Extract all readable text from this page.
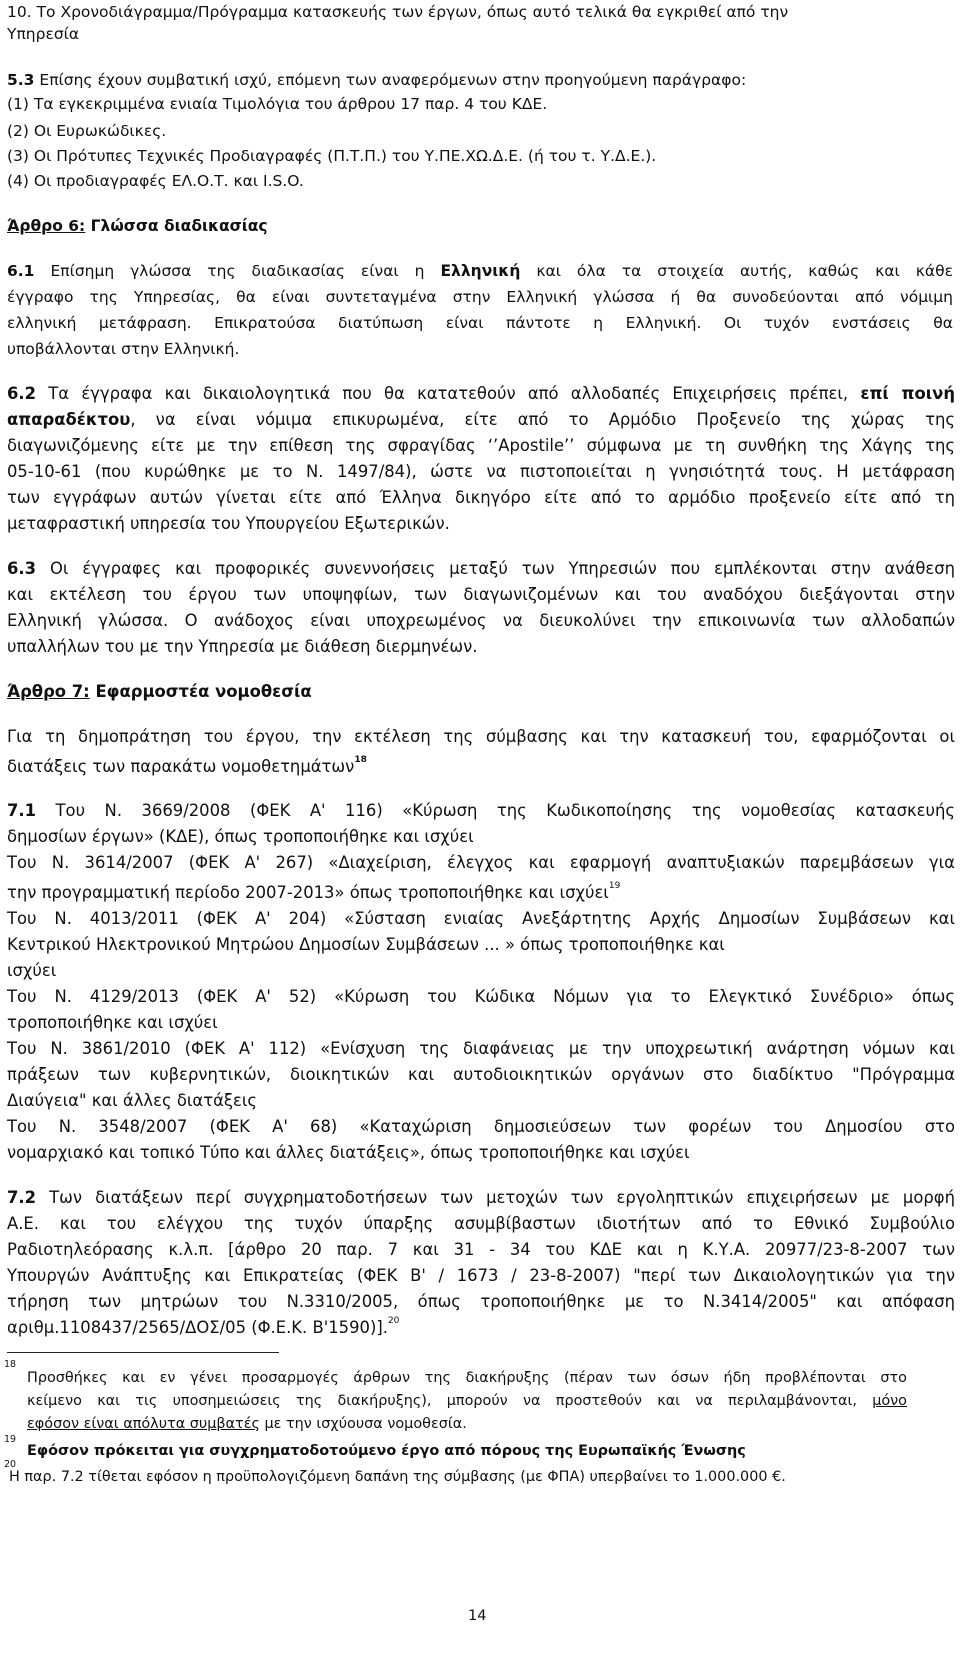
10. Το Χρονοδιάγραμμα/Πρόγραμμα κατασκευής των έργων, όπως αυτό τελικά θα εγκριθεί από την
Υπηρεσία
5.3 Επίσης έχουν συμβατική ισχύ, επόμενη των αναφερόμενων στην προηγούμενη παράγραφο:
(1) Τα εγκεκριμμένα ενιαία Τιμολόγια του άρθρου 17 παρ. 4 του ΚΔΕ.
(2) Οι Ευρωκώδικες.
(3) Οι Πρότυπες Τεχνικές Προδιαγραφές (Π.Τ.Π.) του Υ.ΠΕ.ΧΩ.Δ.Ε. (ή του τ. Υ.Δ.Ε.).
(4) Οι προδιαγραφές ΕΛ.Ο.Τ. και I.S.O.
Άρθρο 6: Γλώσσα διαδικασίας
6.1 Επίσημη γλώσσα της διαδικασίας είναι η Ελληνική και όλα τα στοιχεία αυτής, καθώς και κάθε
έγγραφο της Υπηρεσίας, θα είναι συντεταγμένα στην Ελληνική γλώσσα ή θα συνοδεύονται από νόμιμη
ελληνική μετάφραση. Επικρατούσα διατύπωση είναι πάντοτε η Ελληνική. Οι τυχόν ενστάσεις θα
υποβάλλονται στην Ελληνική.
6.2 Τα έγγραφα και δικαιολογητικά που θα κατατεθούν από αλλοδαπές Επιχειρήσεις πρέπει, επί ποινή
απαραδέκτου, να είναι νόμιμα επικυρωμένα, είτε από το Αρμόδιο Προξενείο της χώρας της
διαγωνιζόμενης είτε με την επίθεση της σφραγίδας ‘’Apostile’’ σύμφωνα με τη συνθήκη της Χάγης της
05-10-61 (που κυρώθηκε με το Ν. 1497/84), ώστε να πιστοποιείται η γνησιότητά τους. Η μετάφραση
των εγγράφων αυτών γίνεται είτε από Έλληνα δικηγόρο είτε από το αρμόδιο προξενείο είτε από τη
μεταφραστική υπηρεσία του Υπουργείου Εξωτερικών.
6.3 Οι έγγραφες και προφορικές συνεννοήσεις μεταξύ των Υπηρεσιών που εμπλέκονται στην ανάθεση
και εκτέλεση του έργου των υποψηφίων, των διαγωνιζομένων και του αναδόχου διεξάγονται στην
Ελληνική γλώσσα. Ο ανάδοχος είναι υποχρεωμένος να διευκολύνει την επικοινωνία των αλλοδαπών
υπαλλήλων του με την Υπηρεσία με διάθεση διερμηνέων.
Άρθρο 7: Εφαρμοστέα νομοθεσία
Για τη δημοπράτηση του έργου, την εκτέλεση της σύμβασης και την κατασκευή του, εφαρμόζονται οι
διατάξεις των παρακάτω νομοθετημάτων$^{18}$
7.1 Του Ν. 3669/2008 (ΦΕΚ Α' 116) «Κύρωση της Κωδικοποίησης της νομοθεσίας κατασκευής
δημοσίων έργων» (ΚΔΕ), όπως τροποποιήθηκε και ισχύει
Του Ν. 3614/2007 (ΦΕΚ Α' 267) «Διαχείριση, έλεγχος και εφαρμογή αναπτυξιακών παρεμβάσεων για
την προγραμματική περίοδο 2007-2013» όπως τροποποιήθηκε και ισχύει$^{19}$
Του Ν. 4013/2011 (ΦΕΚ Α' 204) «Σύσταση ενιαίας Ανεξάρτητης Αρχής Δημοσίων Συμβάσεων και
Κεντρικού Ηλεκτρονικού Μητρώου Δημοσίων Συμβάσεων ... » όπως τροποποιήθηκε και
ισχύει
Του Ν. 4129/2013 (ΦΕΚ Α' 52) «Κύρωση του Κώδικα Νόμων για το Ελεγκτικό Συνέδριο» όπως
τροποποιήθηκε και ισχύει
Του Ν. 3861/2010 (ΦΕΚ Α' 112) «Ενίσχυση της διαφάνειας με την υποχρεωτική ανάρτηση νόμων και
πράξεων των κυβερνητικών, διοικητικών και αυτοδιοικητικών οργάνων στο διαδίκτυο "Πρόγραμμα
Διαύγεια" και άλλες διατάξεις
Του Ν. 3548/2007 (ΦΕΚ Α' 68) «Καταχώριση δημοσιεύσεων των φορέων του Δημοσίου στο
νομαρχιακό και τοπικό Τύπο και άλλες διατάξεις», όπως τροποποιήθηκε και ισχύει
7.2 Των διατάξεων περί συγχρηματοδοτήσεων των μετοχών των εργοληπτικών επιχειρήσεων με μορφή
Α.Ε. και του ελέγχου της τυχόν ύπαρξης ασυμβίβαστων ιδιοτήτων από το Εθνικό Συμβούλιο
Ραδιοτηλεόρασης κ.λ.π. [άρθρο 20 παρ. 7 και 31 - 34 του ΚΔΕ και η Κ.Υ.Α. 20977/23-8-2007 των
Υπουργών Ανάπτυξης και Επικρατείας (ΦΕΚ Β' / 1673 / 23-8-2007) "περί των Δικαιολογητικών για την
τήρηση των μητρώων του Ν.3310/2005, όπως τροποποιήθηκε με το Ν.3414/2005" και απόφαση
αριθμ.1108437/2565/ΔΟΣ/05 (Φ.Ε.Κ. Β'1590)].$^{20}$
18
Προσθήκες και εν γένει προσαρμογές άρθρων της διακήρυξης (πέραν των όσων ήδη προβλέπονται στο
κείμενο και τις υποσημειώσεις της διακήρυξης), μπορούν να προστεθούν και να περιλαμβάνονται, μόνο
εφόσον είναι απόλυτα συμβατές με την ισχύουσα νομοθεσία.
19
Εφόσον πρόκειται για συγχρηματοδοτούμενο έργο από πόρους της Ευρωπαϊκής Ένωσης
20
Η παρ. 7.2 τίθεται εφόσον η προϋπολογιζόμενη δαπάνη της σύμβασης (με ΦΠΑ) υπερβαίνει το 1.000.000 €.
14
